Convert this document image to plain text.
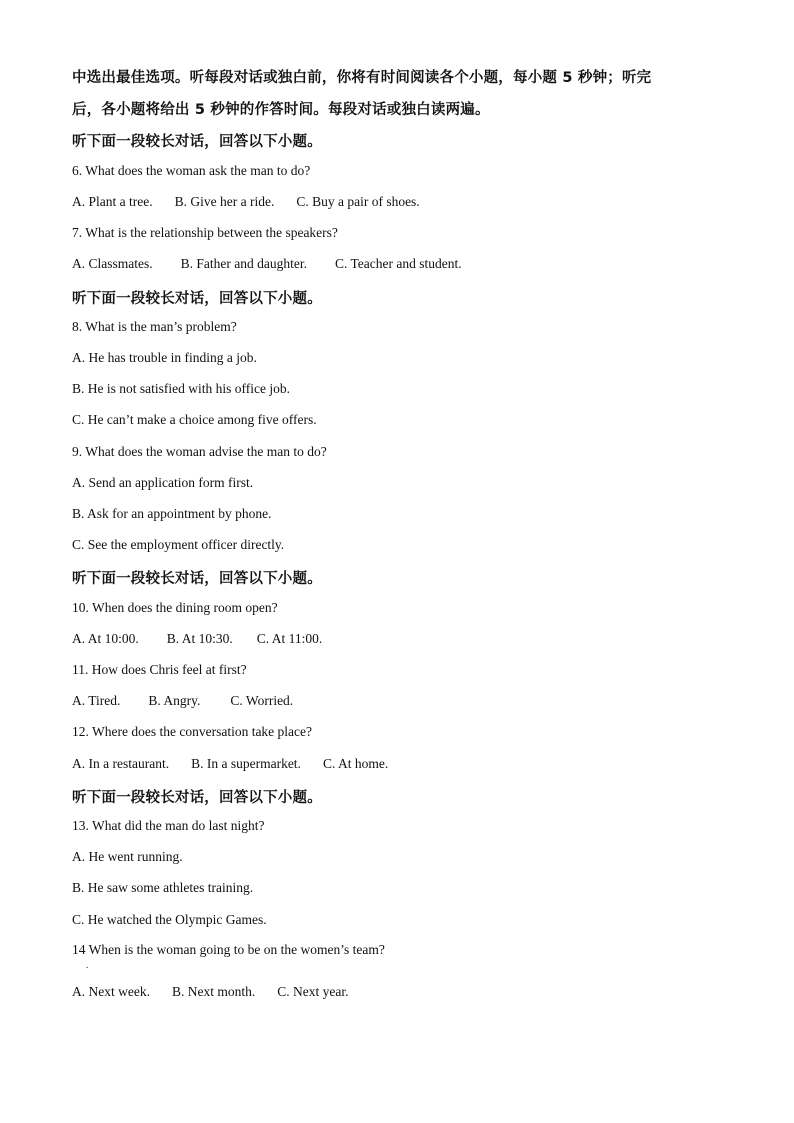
中选出最佳选项。听每段对话或独白前，你将有时间阅读各个小题，每小题 5 秒钟；听完
后，各小题将给出 5 秒钟的作答时间。每段对话或独白读两遍。
听下面一段较长对话，回答以下小题。
6. What does the woman ask the man to do?
A. Plant a tree. B. Give her a ride. C. Buy a pair of shoes.
7. What is the relationship between the speakers?
A. Classmates. B. Father and daughter. C. Teacher and student.
听下面一段较长对话，回答以下小题。
8. What is the man’s problem?
A. He has trouble in finding a job.
B. He is not satisfied with his office job.
C. He can’t make a choice among five offers.
9. What does the woman advise the man to do?
A. Send an application form first.
B. Ask for an appointment by phone.
C. See the employment officer directly.
听下面一段较长对话，回答以下小题。
10. When does the dining room open?
A. At 10:00. B. At 10:30. C. At 11:00.
11. How does Chris feel at first?
A. Tired. B. Angry. C. Worried.
12. Where does the conversation take place?
A. In a restaurant. B. In a supermarket. C. At home.
听下面一段较长对话，回答以下小题。
13. What did the man do last night?
A. He went running.
B. He saw some athletes training.
C. He watched the Olympic Games.
14 When is the woman going to be on the women’s team?
.
A. Next week. B. Next month. C. Next year.
